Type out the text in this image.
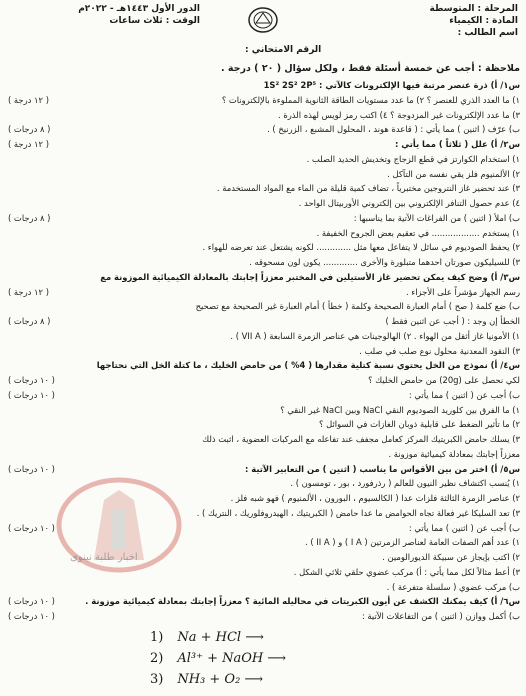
المرحلة : المتوسطة
المادة : الكيمياء
اسم الطالب :
الدور الأول ١٤٤٣هـ - ٢٠٢٢م
الوقت : ثلاث ساعات
الرقم الامتحاني :
ملاحظة : أجب عن خمسة أسئلة فقط ، ولكل سؤال ( ٢٠ ) درجة .

س١/ أ) ذرة عنصر مرتبة فيها الإلكترونات كالآتي : 1S² 2S² 2P⁵

١) ما العدد الذري للعنصر ؟ ٢) ما عدد مستويات الطاقة الثانوية المملوءة بالإلكترونات ؟

٣) ما عدد الإلكترونات غير المزدوجة ؟ ٤) اكتب رمز لويس لهذه الذرة .

ب) عرّف ( اثنين ) مما يأتي : ( قاعدة هوند ، المحلول المشبع ، الزرنيخ ) .

س٢/ أ) علل ( ثلاثاً ) مما يأتي :

١) استخدام الكوارتز في قطع الزجاج وتخديش الحديد الصلب .

٢) الألمنيوم فلز يقي نفسه من التآكل .

٣) عند تحضير غاز النتروجين مختبرياً ، تضاف كمية قليلة من الماء مع المواد المستخدمة .

٤) عدم حصول التنافر الإلكتروني بين إلكتروني الأوربيتال الواحد .

ب) املأ ( اثنين ) من الفراغات الآتية بما يناسبها :

١) يستخدم .................. في تعقيم بعض الجروح الخفيفة .

٢) يحفظ الصوديوم في سائل لا يتفاعل معها مثل ............. لكونه يشتعل عند تعرضه للهواء .

٣) للسيليكون صورتان احدهما متبلورة والأخرى ............. يكون لون مسحوقه .

س٣/ أ) وضح كيف يمكن تحضير غاز الأستيلين في المختبر معززاً إجابتك بالمعادلة الكيميائية الموزونة مع

رسم الجهاز مؤشراً على الأجزاء .

ب) ضع كلمة ( صح ) أمام العبارة الصحيحة وكلمة ( خطأ ) أمام العبارة غير الصحيحة مع تصحيح

الخطأ إن وجد : ( أجب عن اثنين فقط )

١) الأمونيا غاز أثقل من الهواء . ٢) الهالوجينات هي عناصر الزمرة السابعة ( VII A ) .

٣) النقود المعدنية محلول نوع صلب في صلب .

س٤/ أ) نموذج من الخل يحتوي نسبة كتلية مقدارها ( 4% ) من حامض الخليك ، ما كتلة الخل التي نحتاجها

لكي نحصل على (20g) من حامض الخليك ؟

ب) أجب عن ( اثنين ) مما يأتي :

١) ما الفرق بين كلوريد الصوديوم النقي NaCl وبين NaCl غير النقي ؟

٢) ما تأثير الضغط على قابلية ذوبان الغازات في السوائل ؟

٣) يسلك حامض الكبريتيك المركز كعامل مجفف عند تفاعله مع المركبات العضوية ، اثبت ذلك

معززاً إجابتك بمعادلة كيميائية موزونة .

س٥/ أ) اختر من بين الأقواس ما يناسب ( اثنين ) من التعابير الآتية :

١) يُنسب اكتشاف نظير النيون للعالم ( رذرفورد ، بور ، تومسون ) .

٢) عناصر الزمرة الثالثة فلزات عدا ( الكالسيوم ، البورون ، الألمنيوم ) فهو شبه فلز .

٣) تعد السليكا غير فعالة تجاه الحوامض ما عدا حامض ( الكبريتيك ، الهيدروفلوريك ، النتريك ) .

ب) أجب عن ( اثنين ) مما يأتي :

١) عدد أهم الصفات العامة لعناصر الزمرتين ( I A ) و ( II A ) .

٢) اكتب بإيجاز عن سبيكة الديورالومين .

٣) أعط مثالاً لكل مما يأتي : أ) مركب عضوي حلقي ثلاثي الشكل .

ب) مركب عضوي ( سلسلة متفرعة ) .

س٦/ أ) كيف يمكنك الكشف عن أيون الكبريتات في محاليله المائية ؟ معززاً إجابتك بمعادلة كيميائية موزونة .

ب) أكمل ووازن ( اثنين ) من التفاعلات الآتية :

1) Na + HCl ⟶
2) Al³⁺ + NaOH ⟶
3) NH₃ + O₂ ⟶
اخبار طلبة نينوى
( ١٢ درجة )
( ٨ درجات )
( ١٢ درجة )
( ٨ درجات )
( ١٢ درجة )
( ٨ درجات )
( ١٠ درجات )
( ١٠ درجات )
( ١٠ درجات )
( ١٠ درجات )
( ١٠ درجات )
( ١٠ درجات )
